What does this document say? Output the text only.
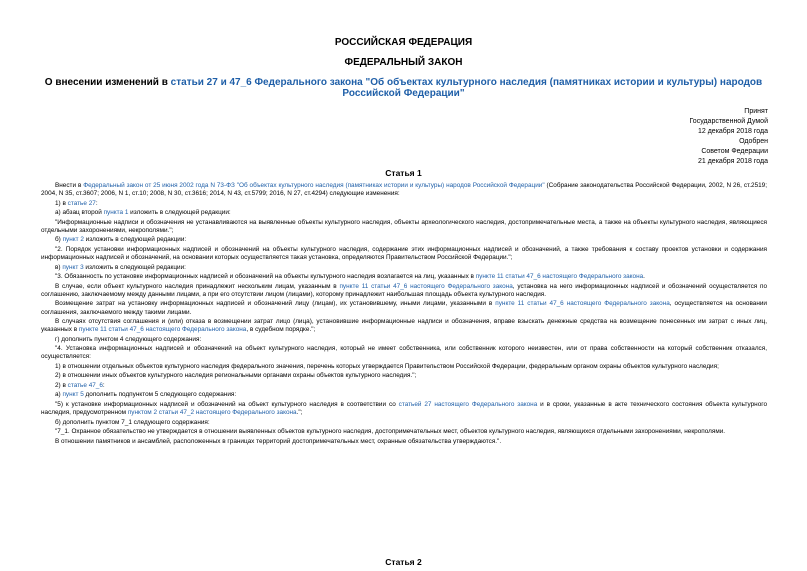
РОССИЙСКАЯ ФЕДЕРАЦИЯ
ФЕДЕРАЛЬНЫЙ ЗАКОН
О внесении изменений в статьи 27 и 47_6 Федерального закона "Об объектах культурного наследия (памятниках истории и культуры) народов Российской Федерации"
Принят
Государственной Думой
12 декабря 2018 года
Одобрен
Советом Федерации
21 декабря 2018 года
Статья 1

Внести в Федеральный закон от 25 июня 2002 года N 73-ФЗ "Об объектах культурного наследия (памятниках истории и культуры) народов Российской Федерации" (Собрание законодательства Российской Федерации, 2002, N 26, ст.2519; 2004, N 35, ст.3607; 2006, N 1, ст.10; 2008, N 30, ст.3616; 2014, N 43, ст.5799; 2016, N 27, ст.4294) следующие изменения:

1) в статье 27:

а) абзац второй пункта 1 изложить в следующей редакции:

"Информационные надписи и обозначения не устанавливаются на выявленные объекты культурного наследия, объекты археологического наследия, достопримечательные места, а также на объекты культурного наследия, являющиеся отдельными захоронениями, некрополями.";

б) пункт 2 изложить в следующей редакции:

"2. Порядок установки информационных надписей и обозначений на объекты культурного наследия, содержание этих информационных надписей и обозначений, а также требования к составу проектов установки и содержания информационных надписей и обозначений, на основании которых осуществляется такая установка, определяются Правительством Российской Федерации.";

в) пункт 3 изложить в следующей редакции:

"3. Обязанность по установке информационных надписей и обозначений на объекты культурного наследия возлагается на лиц, указанных в пункте 11 статьи 47_6 настоящего Федерального закона.

В случае, если объект культурного наследия принадлежит нескольким лицам, указанным в пункте 11 статьи 47_6 настоящего Федерального закона, установка на него информационных надписей и обозначений осуществляется по соглашению, заключаемому между данными лицами, а при его отсутствии лицом (лицами), которому принадлежит наибольшая площадь объекта культурного наследия.

Возмещение затрат на установку информационных надписей и обозначений лицу (лицам), их установившему, иными лицами, указанными в пункте 11 статьи 47_6 настоящего Федерального закона, осуществляется на основании соглашения, заключаемого между такими лицами.

В случаях отсутствия соглашения и (или) отказа в возмещении затрат лицо (лица), установившие информационные надписи и обозначения, вправе взыскать денежные средства на возмещение понесенных им затрат с иных лиц, указанных в пункте 11 статьи 47_6 настоящего Федерального закона, в судебном порядке.";

г) дополнить пунктом 4 следующего содержания:

"4. Установка информационных надписей и обозначений на объект культурного наследия, который не имеет собственника, или собственник которого неизвестен, или от права собственности на который собственник отказался, осуществляется:

1) в отношении отдельных объектов культурного наследия федерального значения, перечень которых утверждается Правительством Российской Федерации, федеральным органом охраны объектов культурного наследия;

2) в отношении иных объектов культурного наследия региональными органами охраны объектов культурного наследия.";

2) в статье 47_6:

а) пункт 5 дополнить подпунктом 5 следующего содержания:

"5) к установке информационных надписей и обозначений на объект культурного наследия в соответствии со статьей 27 настоящего Федерального закона и в сроки, указанные в акте технического состояния объекта культурного наследия, предусмотренном пунктом 2 статьи 47_2 настоящего Федерального закона.";

б) дополнить пунктом 7_1 следующего содержания:

"7_1. Охранное обязательство не утверждается в отношении выявленных объектов культурного наследия, достопримечательных мест, объектов культурного наследия, являющихся отдельными захоронениями, некрополями.

В отношении памятников и ансамблей, расположенных в границах территорий достопримечательных мест, охранные обязательства утверждаются.".

Статья 2
